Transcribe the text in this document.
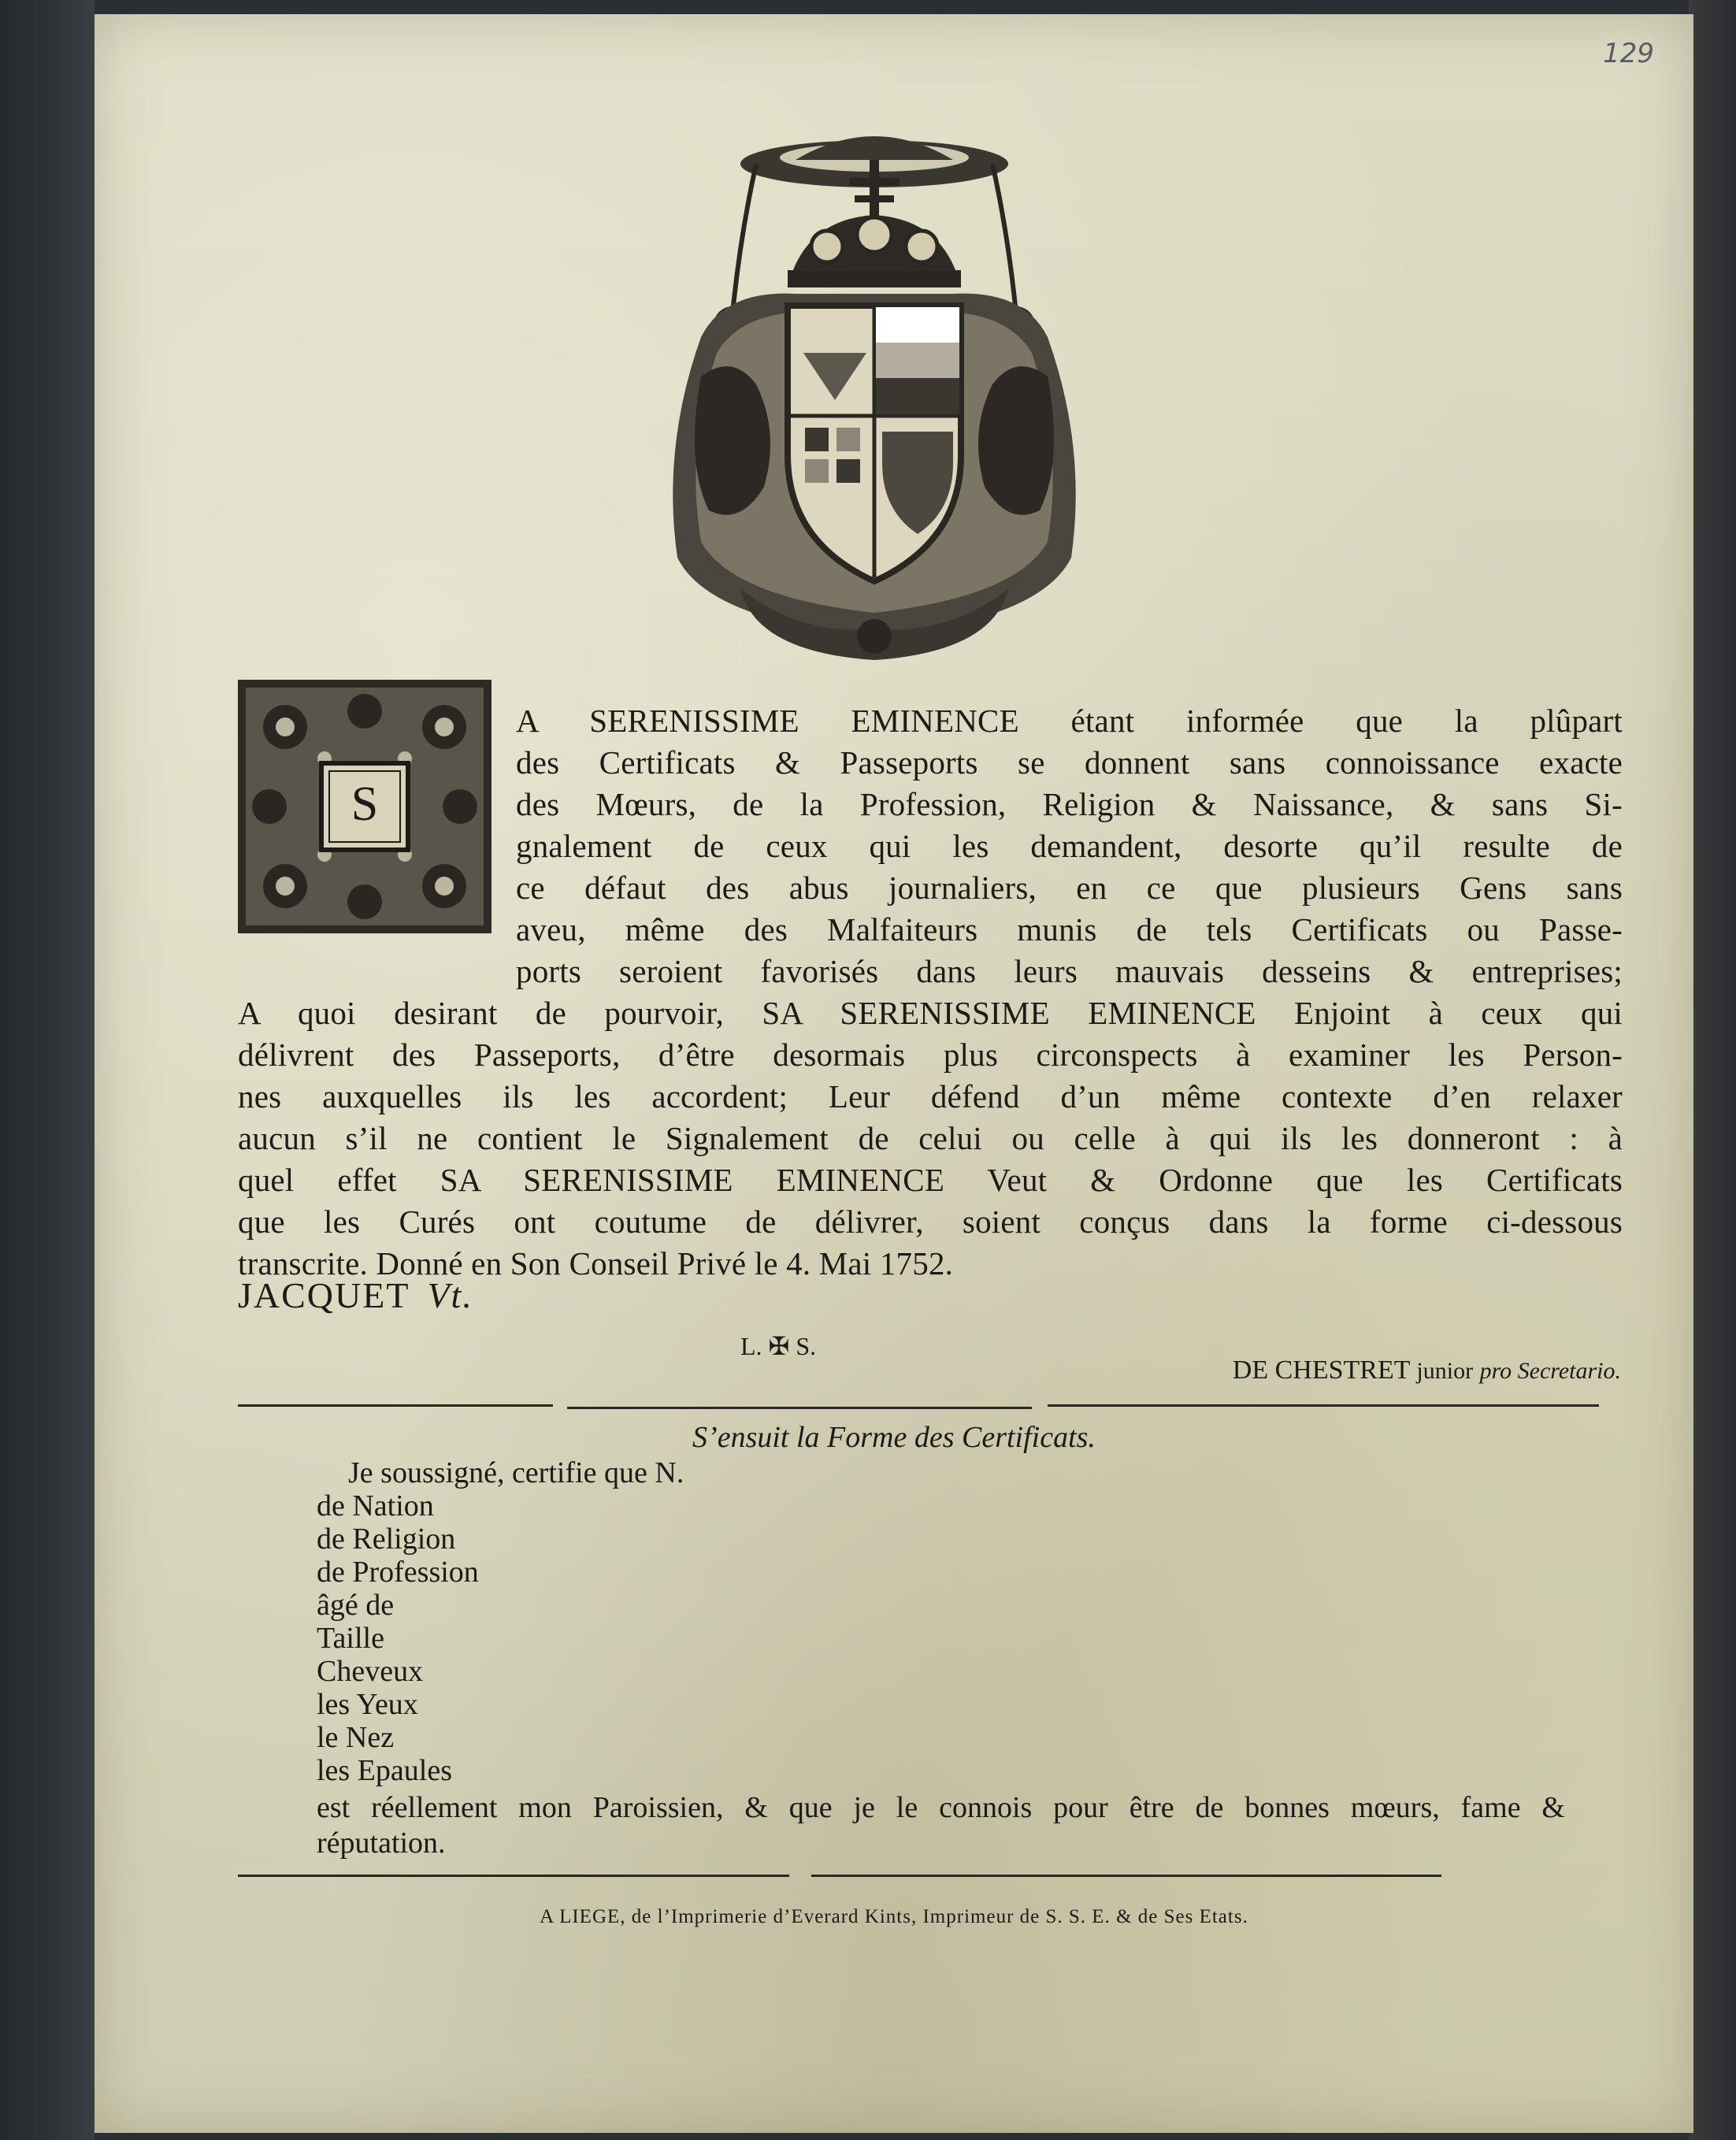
129
S
A SERENISSIME EMINENCE étant informée que la plûpart
des Certificats & Passeports se donnent sans connoissance exacte
des Mœurs, de la Profession, Religion & Naissance, & sans Si-
gnalement de ceux qui les demandent, desorte qu’il resulte de
ce défaut des abus journaliers, en ce que plusieurs Gens sans
aveu, même des Malfaiteurs munis de tels Certificats ou Passe-
ports seroient favorisés dans leurs mauvais desseins & entreprises;
A quoi desirant de pourvoir, SA SERENISSIME EMINENCE Enjoint à ceux qui
délivrent des Passeports, d’être desormais plus circonspects à examiner les Person-
nes auxquelles ils les accordent; Leur défend d’un même contexte d’en relaxer
aucun s’il ne contient le Signalement de celui ou celle à qui ils les donneront : à
quel effet SA SERENISSIME EMINENCE Veut & Ordonne que les Certificats
que les Curés ont coutume de délivrer, soient conçus dans la forme ci-dessous
transcrite. Donné en Son Conseil Privé le 4. Mai 1752.
JACQUET Vt.
L. ✠ S.
DE CHESTRET junior pro Secretario.
S’ensuit la Forme des Certificats.
Je soussigné, certifie que N.
de Nation
de Religion
de Profession
âgé de
Taille
Cheveux
les Yeux
le Nez
les Epaules
est réellement mon Paroissien, & que je le connois pour être de bonnes mœurs, fame &
réputation.
A LIEGE, de l’Imprimerie d’Everard Kints, Imprimeur de S. S. E. & de Ses Etats.
